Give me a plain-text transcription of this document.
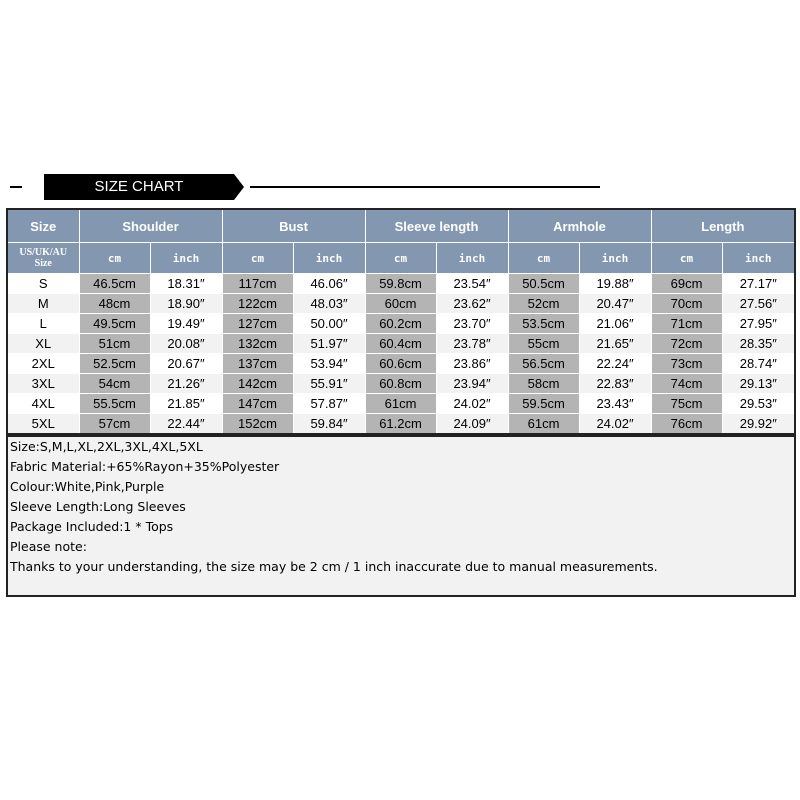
SIZE CHART
Size	Shoulder		Bust		Sleeve length		Armhole		Length	
US/UK/AU
Size	cm	inch	cm	inch	cm	inch	cm	inch	cm	inch
S	46.5cm	18.31″	117cm	46.06″	59.8cm	23.54″	50.5cm	19.88″	69cm	27.17″
M	48cm	18.90″	122cm	48.03″	60cm	23.62″	52cm	20.47″	70cm	27.56″
L	49.5cm	19.49″	127cm	50.00″	60.2cm	23.70″	53.5cm	21.06″	71cm	27.95″
XL	51cm	20.08″	132cm	51.97″	60.4cm	23.78″	55cm	21.65″	72cm	28.35″
2XL	52.5cm	20.67″	137cm	53.94″	60.6cm	23.86″	56.5cm	22.24″	73cm	28.74″
3XL	54cm	21.26″	142cm	55.91″	60.8cm	23.94″	58cm	22.83″	74cm	29.13″
4XL	55.5cm	21.85″	147cm	57.87″	61cm	24.02″	59.5cm	23.43″	75cm	29.53″
5XL	57cm	22.44″	152cm	59.84″	61.2cm	24.09″	61cm	24.02″	76cm	29.92″
Size:S,M,L,XL,2XL,3XL,4XL,5XL
Fabric Material:+65%Rayon+35%Polyester
Colour:White,Pink,Purple
Sleeve Length:Long Sleeves
Package Included:1 * Tops
Please note:
Thanks to your understanding, the size may be 2 cm / 1 inch inaccurate due to manual measurements.
